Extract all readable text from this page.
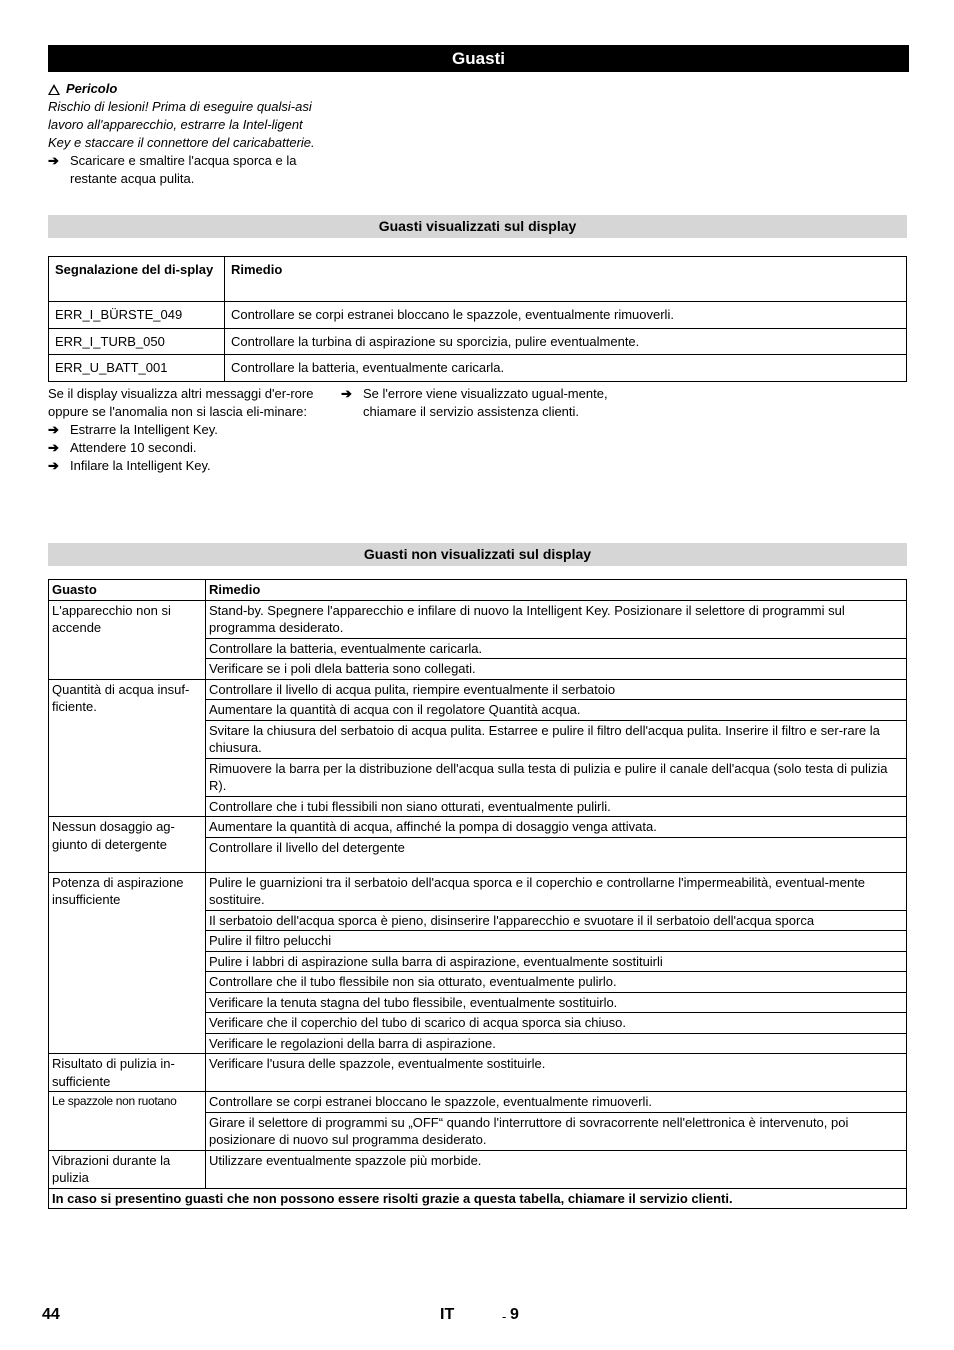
Guasti
Pericolo
Rischio di lesioni! Prima di eseguire qualsi-asi lavoro all'apparecchio, estrarre la Intel-ligent Key e staccare il connettore del caricabatterie.
➔ Scaricare e smaltire l'acqua sporca e la restante acqua pulita.
Guasti visualizzati sul display
Segnalazione del di-splay	Rimedio
ERR_I_BÜRSTE_049	Controllare se corpi estranei bloccano le spazzole, eventualmente rimuoverli.
ERR_I_TURB_050	Controllare la turbina di aspirazione su sporcizia, pulire eventualmente.
ERR_U_BATT_001	Controllare la batteria, eventualmente caricarla.
Se il display visualizza altri messaggi d'er-rore oppure se l'anomalia non si lascia eli-minare:
➔ Estrarre la Intelligent Key.
➔ Attendere 10 secondi.
➔ Infilare la Intelligent Key.
➔ Se l'errore viene visualizzato ugual-mente, chiamare il servizio assistenza clienti.
Guasti non visualizzati sul display
Guasto	Rimedio
L'apparecchio non si accende	Stand-by. Spegnere l'apparecchio e infilare di nuovo la Intelligent Key. Posizionare il selettore di programmi sul programma desiderato.
	Controllare la batteria, eventualmente caricarla.
	Verificare se i poli dlela batteria sono collegati.
Quantità di acqua insuf-ficiente.	Controllare il livello di acqua pulita, riempire eventualmente il serbatoio
	Aumentare la quantità di acqua con il regolatore Quantità acqua.
	Svitare la chiusura del serbatoio di acqua pulita. Estarree e pulire il filtro dell'acqua pulita. Inserire il filtro e ser-rare la chiusura.
	Rimuovere la barra per la distribuzione dell'acqua sulla testa di pulizia e pulire il canale dell'acqua (solo testa di pulizia R).
	Controllare che i tubi flessibili non siano otturati, eventualmente pulirli.
Nessun dosaggio ag-giunto di detergente	Aumentare la quantità di acqua, affinché la pompa di dosaggio venga attivata.
	Controllare il livello del detergente
Potenza di aspirazione insufficiente	Pulire le guarnizioni tra il serbatoio dell'acqua sporca e il coperchio e controllarne l'impermeabilità, eventual-mente sostituire.
	Il serbatoio dell'acqua sporca è pieno, disinserire l'apparecchio e svuotare il il serbatoio dell'acqua sporca
	Pulire il filtro pelucchi
	Pulire i labbri di aspirazione sulla barra di aspirazione, eventualmente sostituirli
	Controllare che il tubo flessibile non sia otturato, eventualmente pulirlo.
	Verificare la tenuta stagna del tubo flessibile, eventualmente sostituirlo.
	Verificare che il coperchio del tubo di scarico di acqua sporca sia chiuso.
	Verificare le regolazioni della barra di aspirazione.
Risultato di pulizia in-sufficiente	Verificare l'usura delle spazzole, eventualmente sostituirle.
Le spazzole non ruotano	Controllare se corpi estranei bloccano le spazzole, eventualmente rimuoverli.
	Girare il selettore di programmi su „OFF“ quando l'interruttore di sovracorrente nell'elettronica è intervenuto, poi posizionare di nuovo sul programma desiderato.
Vibrazioni durante la pulizia	Utilizzare eventualmente spazzole più morbide.
In caso si presentino guasti che non possono essere risolti grazie a questa tabella, chiamare il servizio clienti.	
44	IT	- 9
